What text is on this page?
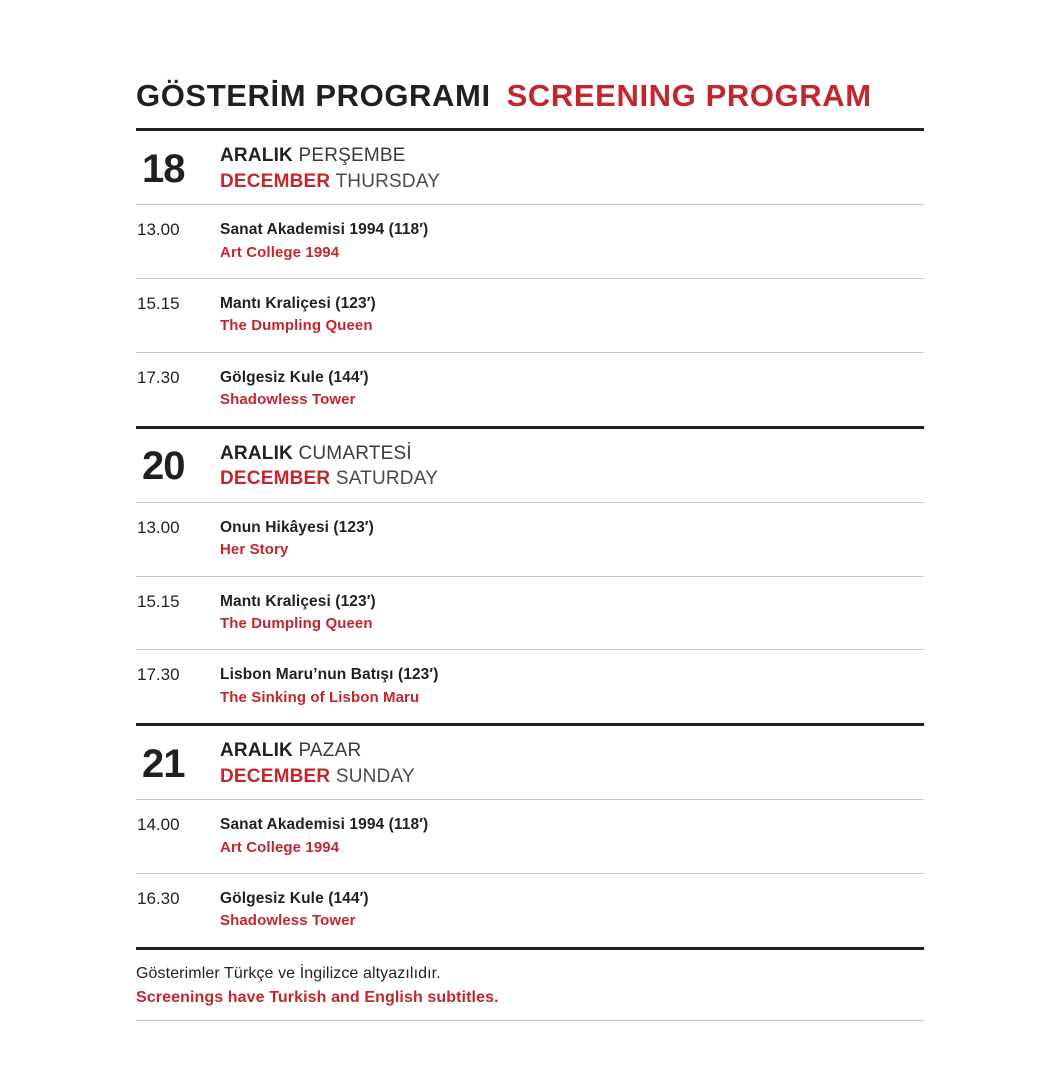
GÖSTERİM PROGRAMI SCREENING PROGRAM
18	ARALIK PERŞEMBE
DECEMBER THURSDAY
13.00	Sanat Akademisi 1994 (118′)
Art College 1994
15.15	Mantı Kraliçesi (123′)
The Dumpling Queen
17.30	Gölgesiz Kule (144′)
Shadowless Tower
20	ARALIK CUMARTESİ
DECEMBER SATURDAY
13.00	Onun Hikâyesi (123′)
Her Story
15.15	Mantı Kraliçesi (123′)
The Dumpling Queen
17.30	Lisbon Maru’nun Batışı (123′)
The Sinking of Lisbon Maru
21	ARALIK PAZAR
DECEMBER SUNDAY
14.00	Sanat Akademisi 1994 (118′)
Art College 1994
16.30	Gölgesiz Kule (144′)
Shadowless Tower
Gösterimler Türkçe ve İngilizce altyazılıdır.
Screenings have Turkish and English subtitles.
